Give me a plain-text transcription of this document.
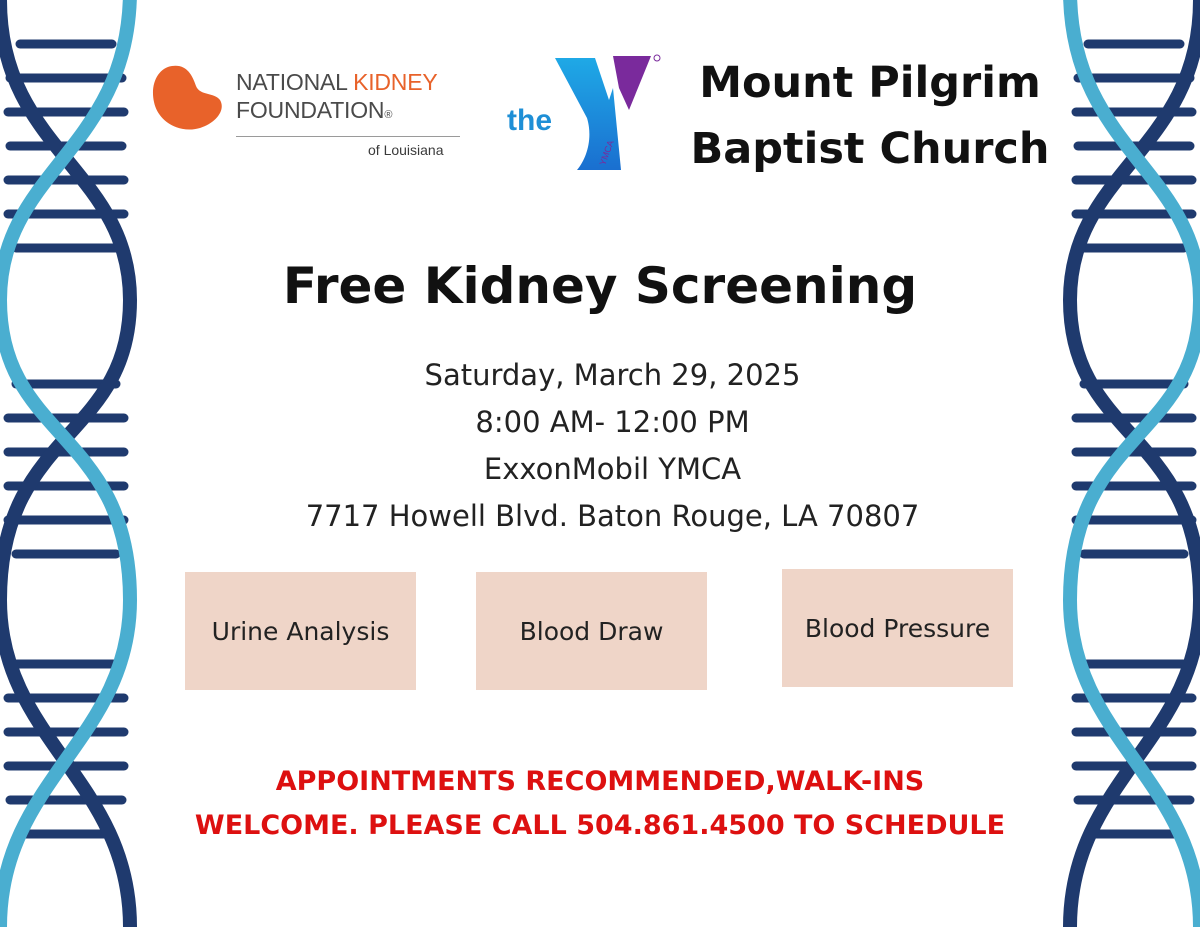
NATIONAL KIDNEY
FOUNDATION®
of Louisiana
the
YMCA
Mount Pilgrim
Baptist Church
Free Kidney Screening
Saturday, March 29, 2025
8:00 AM- 12:00 PM
ExxonMobil YMCA
7717 Howell Blvd. Baton Rouge, LA 70807
Urine Analysis	Blood Draw	Blood Pressure
APPOINTMENTS RECOMMENDED,WALK-INS
WELCOME. PLEASE CALL 504.861.4500 TO SCHEDULE
